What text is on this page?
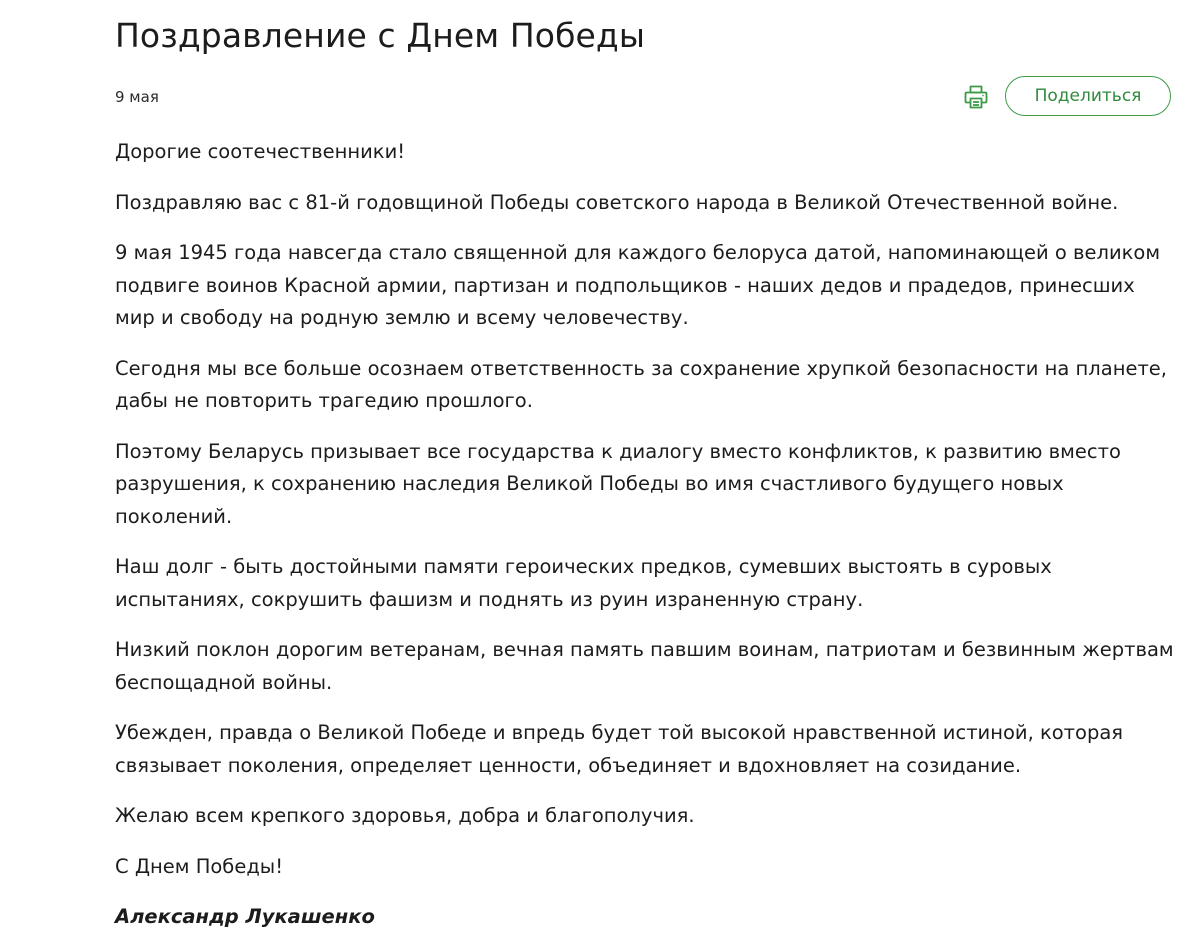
Поздравление с Днем Победы
9 мая	Поделиться

Дорогие соотечественники!

Поздравляю вас с 81-й годовщиной Победы советского народа в Великой Отечественной войне.

9 мая 1945 года навсегда стало священной для каждого белоруса датой, напоминающей о великом подвиге воинов Красной армии, партизан и подпольщиков - наших дедов и прадедов, принесших мир и свободу на родную землю и всему человечеству.

Сегодня мы все больше осознаем ответственность за сохранение хрупкой безопасности на планете, дабы не повторить трагедию прошлого.

Поэтому Беларусь призывает все государства к диалогу вместо конфликтов, к развитию вместо разрушения, к сохранению наследия Великой Победы во имя счастливого будущего новых поколений.

Наш долг - быть достойными памяти героических предков, сумевших выстоять в суровых испытаниях, сокрушить фашизм и поднять из руин израненную страну.

Низкий поклон дорогим ветеранам, вечная память павшим воинам, патриотам и безвинным жертвам беспощадной войны.

Убежден, правда о Великой Победе и впредь будет той высокой нравственной истиной, которая связывает поколения, определяет ценности, объединяет и вдохновляет на созидание.

Желаю всем крепкого здоровья, добра и благополучия.

С Днем Победы!

Александр Лукашенко
